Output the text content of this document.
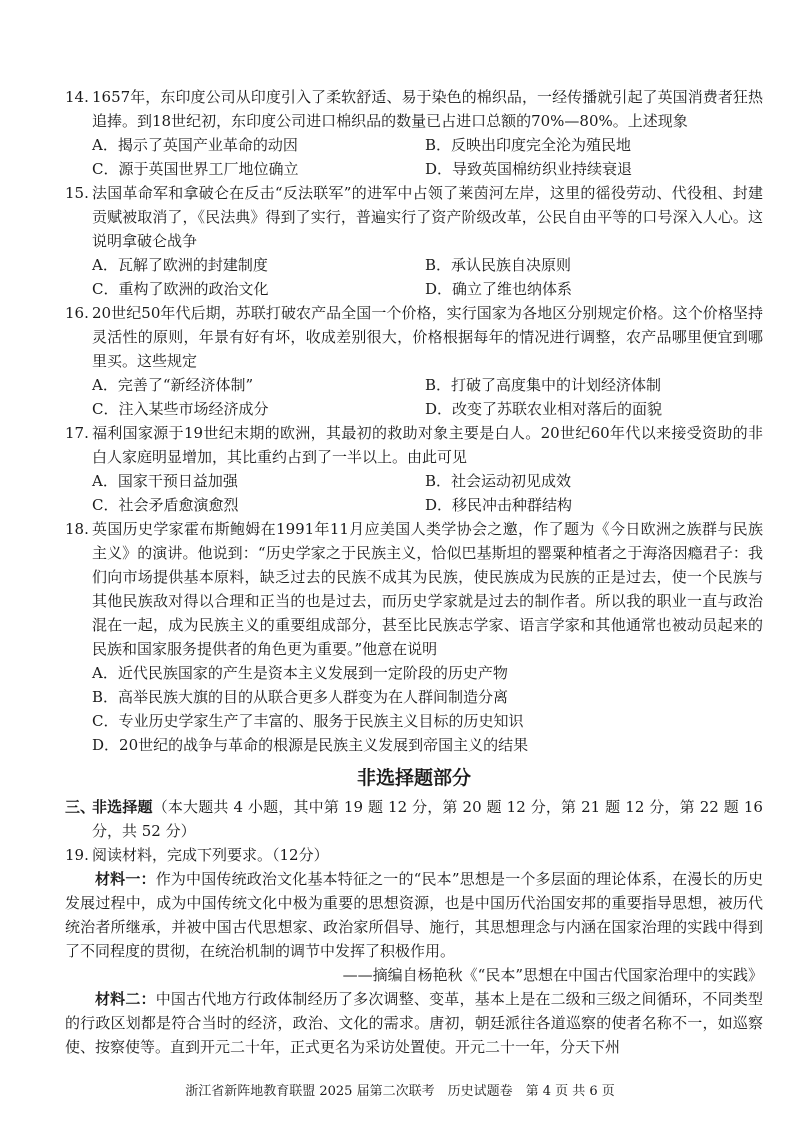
14. 1657年，东印度公司从印度引入了柔软舒适、易于染色的棉织品，一经传播就引起了英国消费者狂热追捧。到18世纪初，东印度公司进口棉织品的数量已占进口总额的70%—80%。上述现象
A．揭示了英国产业革命的动因	B．反映出印度完全沦为殖民地
C．源于英国世界工厂地位确立	D．导致英国棉纺织业持续衰退
15. 法国革命军和拿破仑在反击“反法联军”的进军中占领了莱茵河左岸，这里的徭役劳动、代役租、封建贡赋被取消了，《民法典》得到了实行，普遍实行了资产阶级改革，公民自由平等的口号深入人心。这说明拿破仑战争
A．瓦解了欧洲的封建制度	B．承认民族自决原则
C．重构了欧洲的政治文化	D．确立了维也纳体系
16. 20世纪50年代后期，苏联打破农产品全国一个价格，实行国家为各地区分别规定价格。这个价格坚持灵活性的原则，年景有好有坏，收成差别很大，价格根据每年的情况进行调整，农产品哪里便宜到哪里买。这些规定
A．完善了“新经济体制”	B．打破了高度集中的计划经济体制
C．注入某些市场经济成分	D．改变了苏联农业相对落后的面貌
17. 福利国家源于19世纪末期的欧洲，其最初的救助对象主要是白人。20世纪60年代以来接受资助的非白人家庭明显增加，其比重约占到了一半以上。由此可见
A．国家干预日益加强	B．社会运动初见成效
C．社会矛盾愈演愈烈	D．移民冲击种群结构
18. 英国历史学家霍布斯鲍姆在1991年11月应美国人类学协会之邀，作了题为《今日欧洲之族群与民族主义》的演讲。他说到：“历史学家之于民族主义，恰似巴基斯坦的罂粟种植者之于海洛因瘾君子：我们向市场提供基本原料，缺乏过去的民族不成其为民族，使民族成为民族的正是过去，使一个民族与其他民族敌对得以合理和正当的也是过去，而历史学家就是过去的制作者。所以我的职业一直与政治混在一起，成为民族主义的重要组成部分，甚至比民族志学家、语言学家和其他通常也被动员起来的民族和国家服务提供者的角色更为重要。”他意在说明
A．近代民族国家的产生是资本主义发展到一定阶段的历史产物
B．高举民族大旗的目的从联合更多人群变为在人群间制造分离
C．专业历史学家生产了丰富的、服务于民族主义目标的历史知识
D．20世纪的战争与革命的根源是民族主义发展到帝国主义的结果
非选择题部分
三、
非选择题（本大题共 4 小题，其中第 19 题 12 分，第 20 题 12 分，第 21 题 12 分，第 22 题 16 分，共 52 分）
19. 阅读材料，完成下列要求。（12分）
材料一：作为中国传统政治文化基本特征之一的“民本”思想是一个多层面的理论体系，在漫长的历史发展过程中，成为中国传统文化中极为重要的思想资源，也是中国历代治国安邦的重要指导思想，被历代统治者所继承，并被中国古代思想家、政治家所倡导、施行，其思想理念与内涵在国家治理的实践中得到了不同程度的贯彻，在统治机制的调节中发挥了积极作用。
——摘编自杨艳秋《“民本”思想在中国古代国家治理中的实践》
材料二：中国古代地方行政体制经历了多次调整、变革，基本上是在二级和三级之间循环，不同类型的行政区划都是符合当时的经济，政治、文化的需求。唐初，朝廷派往各道巡察的使者名称不一，如巡察使、按察使等。直到开元二十年，正式更名为采访处置使。开元二十一年，分天下州
浙江省新阵地教育联盟 2025 届第二次联考　历史试题卷　第 4 页 共 6 页
